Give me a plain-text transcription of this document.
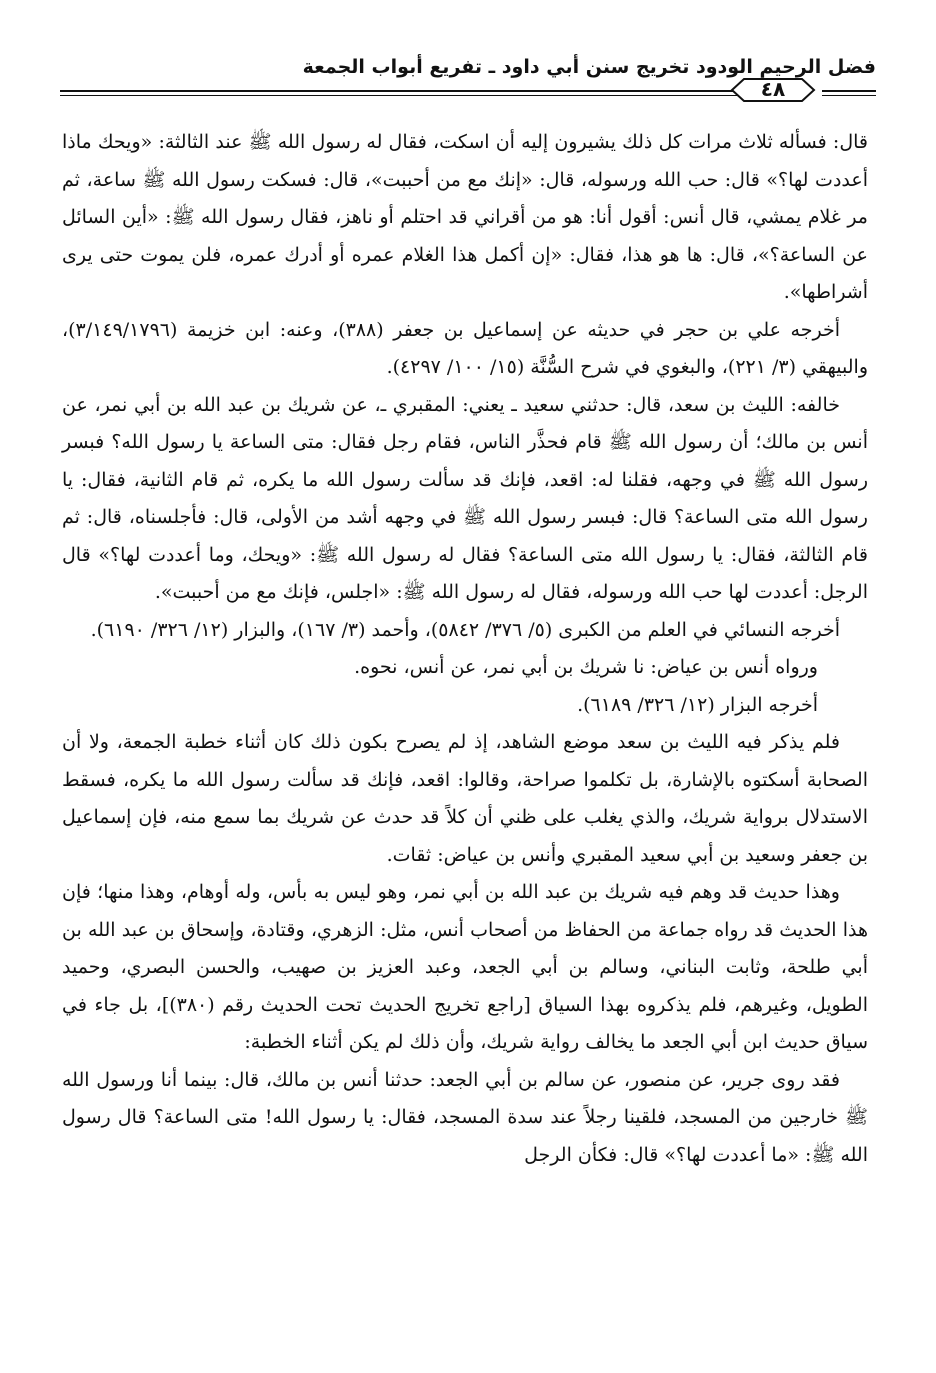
فضل الرحيم الودود تخريج سنن أبي داود ـ تفريع أبواب الجمعة
٤٨

قال: فسأله ثلاث مرات كل ذلك يشيرون إليه أن اسكت، فقال له رسول الله ﷺ عند الثالثة: «ويحك ماذا أعددت لها؟» قال: حب الله ورسوله، قال: «إنك مع من أحببت»، قال: فسكت رسول الله ﷺ ساعة، ثم مر غلام يمشي، قال أنس: أقول أنا: هو من أقراني قد احتلم أو ناهز، فقال رسول الله ﷺ: «أين السائل عن الساعة؟»، قال: ها هو هذا، فقال: «إن أكمل هذا الغلام عمره أو أدرك عمره، فلن يموت حتى يرى أشراطها».

أخرجه علي بن حجر في حديثه عن إسماعيل بن جعفر (٣٨٨)، وعنه: ابن خزيمة (٣/١٤٩/١٧٩٦)، والبيهقي (٣/ ٢٢١)، والبغوي في شرح السُّنَّة (١٥/ ١٠٠/ ٤٢٩٧).

خالفه: الليث بن سعد، قال: حدثني سعيد ـ يعني: المقبري ـ، عن شريك بن عبد الله بن أبي نمر، عن أنس بن مالك؛ أن رسول الله ﷺ قام فحذَّر الناس، فقام رجل فقال: متى الساعة يا رسول الله؟ فبسر رسول الله ﷺ في وجهه، فقلنا له: اقعد، فإنك قد سألت رسول الله ما يكره، ثم قام الثانية، فقال: يا رسول الله متى الساعة؟ قال: فبسر رسول الله ﷺ في وجهه أشد من الأولى، قال: فأجلسناه، قال: ثم قام الثالثة، فقال: يا رسول الله متى الساعة؟ فقال له رسول الله ﷺ: «ويحك، وما أعددت لها؟» قال الرجل: أعددت لها حب الله ورسوله، فقال له رسول الله ﷺ: «اجلس، فإنك مع من أحببت».

أخرجه النسائي في العلم من الكبرى (٥/ ٣٧٦/ ٥٨٤٢)، وأحمد (٣/ ١٦٧)، والبزار (١٢/ ٣٢٦/ ٦١٩٠).

ورواه أنس بن عياض: نا شريك بن أبي نمر، عن أنس، نحوه.

أخرجه البزار (١٢/ ٣٢٦/ ٦١٨٩).

فلم يذكر فيه الليث بن سعد موضع الشاهد، إذ لم يصرح بكون ذلك كان أثناء خطبة الجمعة، ولا أن الصحابة أسكتوه بالإشارة، بل تكلموا صراحة، وقالوا: اقعد، فإنك قد سألت رسول الله ما يكره، فسقط الاستدلال برواية شريك، والذي يغلب على ظني أن كلاً قد حدث عن شريك بما سمع منه، فإن إسماعيل بن جعفر وسعيد بن أبي سعيد المقبري وأنس بن عياض: ثقات.

وهذا حديث قد وهم فيه شريك بن عبد الله بن أبي نمر، وهو ليس به بأس، وله أوهام، وهذا منها؛ فإن هذا الحديث قد رواه جماعة من الحفاظ من أصحاب أنس، مثل: الزهري، وقتادة، وإسحاق بن عبد الله بن أبي طلحة، وثابت البناني، وسالم بن أبي الجعد، وعبد العزيز بن صهيب، والحسن البصري، وحميد الطويل، وغيرهم، فلم يذكروه بهذا السياق [راجع تخريج الحديث تحت الحديث رقم (٣٨٠)]، بل جاء في سياق حديث ابن أبي الجعد ما يخالف رواية شريك، وأن ذلك لم يكن أثناء الخطبة:

فقد روى جرير، عن منصور، عن سالم بن أبي الجعد: حدثنا أنس بن مالك، قال: بينما أنا ورسول الله ﷺ خارجين من المسجد، فلقينا رجلاً عند سدة المسجد، فقال: يا رسول الله! متى الساعة؟ قال رسول الله ﷺ: «ما أعددت لها؟» قال: فكأن الرجل
